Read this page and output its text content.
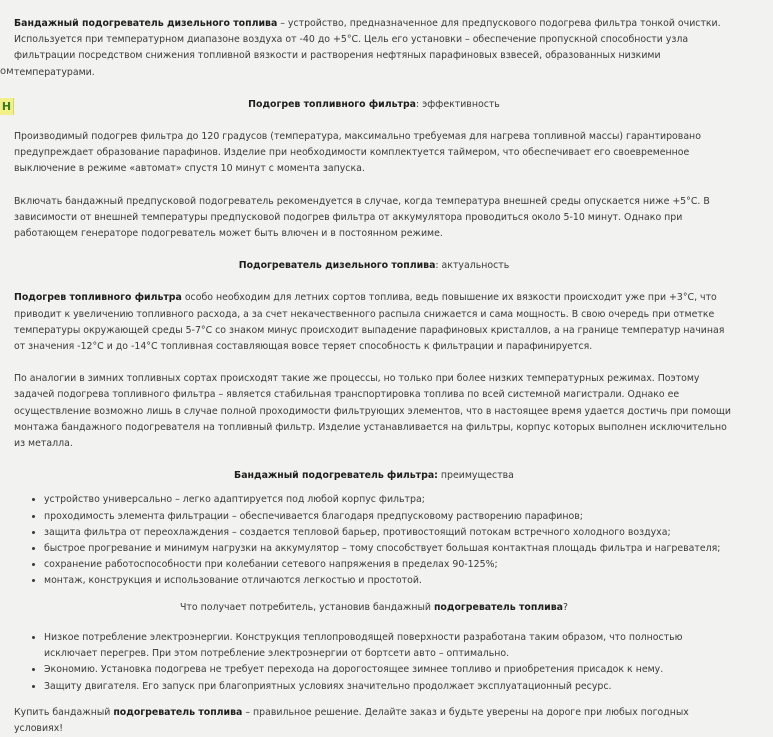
ом
Н

Бандажный подогреватель дизельного топлива – устройство, предназначенное для предпускового подогрева фильтра тонкой очистки. Используется при температурном диапазоне воздуха от -40 до +5°C. Цель его установки – обеспечение пропускной способности узла фильтрации посредством снижения топливной вязкости и растворения нефтяных парафиновых взвесей, образованных низкими температурами.

Подогрев топливного фильтра: эффективность

Производимый подогрев фильтра до 120 градусов (температура, максимально требуемая для нагрева топливной массы) гарантировано предупреждает образование парафинов. Изделие при необходимости комплектуется таймером, что обеспечивает его своевременное выключение в режиме «автомат» спустя 10 минут с момента запуска.

Включать бандажный предпусковой подогреватель рекомендуется в случае, когда температура внешней среды опускается ниже +5°C. В зависимости от внешней температуры предпусковой подогрев фильтра от аккумулятора проводиться около 5-10 минут. Однако при работающем генераторе подогреватель может быть влючен и в постоянном режиме.

Подогреватель дизельного топлива: актуальность

Подогрев топливного фильтра особо необходим для летних сортов топлива, ведь повышение их вязкости происходит уже при +3°C, что приводит к увеличению топливного расхода, а за счет некачественного распыла снижается и сама мощность. В свою очередь при отметке температуры окружающей среды 5-7°C со знаком минус происходит выпадение парафиновых кристаллов, а на границе температур начиная от значения -12°C и до -14°C топливная составляющая вовсе теряет способность к фильтрации и парафинируется.

По аналогии в зимних топливных сортах происходят такие же процессы, но только при более низких температурных режимах. Поэтому задачей подогрева топливного фильтра – является стабильная транспортировка топлива по всей системной магистрали. Однако ее осуществление возможно лишь в случае полной проходимости фильтрующих элементов, что в настоящее время удается достичь при помощи монтажа бандажного подогревателя на топливный фильтр. Изделие устанавливается на фильтры, корпус которых выполнен исключительно из металла.

Бандажный подогреватель фильтра: преимущества

• устройство универсально – легко адаптируется под любой корпус фильтра;
• проходимость элемента фильтрации – обеспечивается благодаря предпусковому растворению парафинов;
• защита фильтра от переохлаждения – создается тепловой барьер, противостоящий потокам встречного холодного воздуха;
• быстрое прогревание и минимум нагрузки на аккумулятор – тому способствует большая контактная площадь фильтра и нагревателя;
• сохранение работоспособности при колебании сетевого напряжения в пределах 90-125%;
• монтаж, конструкция и использование отличаются легкостью и простотой.

Что получает потребитель, установив бандажный подогреватель топлива?

• Низкое потребление электроэнергии. Конструкция теплопроводящей поверхности разработана таким образом, что полностью исключает перегрев. При этом потребление электроэнергии от бортсети авто – оптимально.
• Экономию. Установка подогрева не требует перехода на дорогостоящее зимнее топливо и приобретения присадок к нему.
• Защиту двигателя. Его запуск при благоприятных условиях значительно продолжает эксплуатационный ресурс.

Купить бандажный подогреватель топлива – правильное решение. Делайте заказ и будьте уверены на дороге при любых погодных условиях!
